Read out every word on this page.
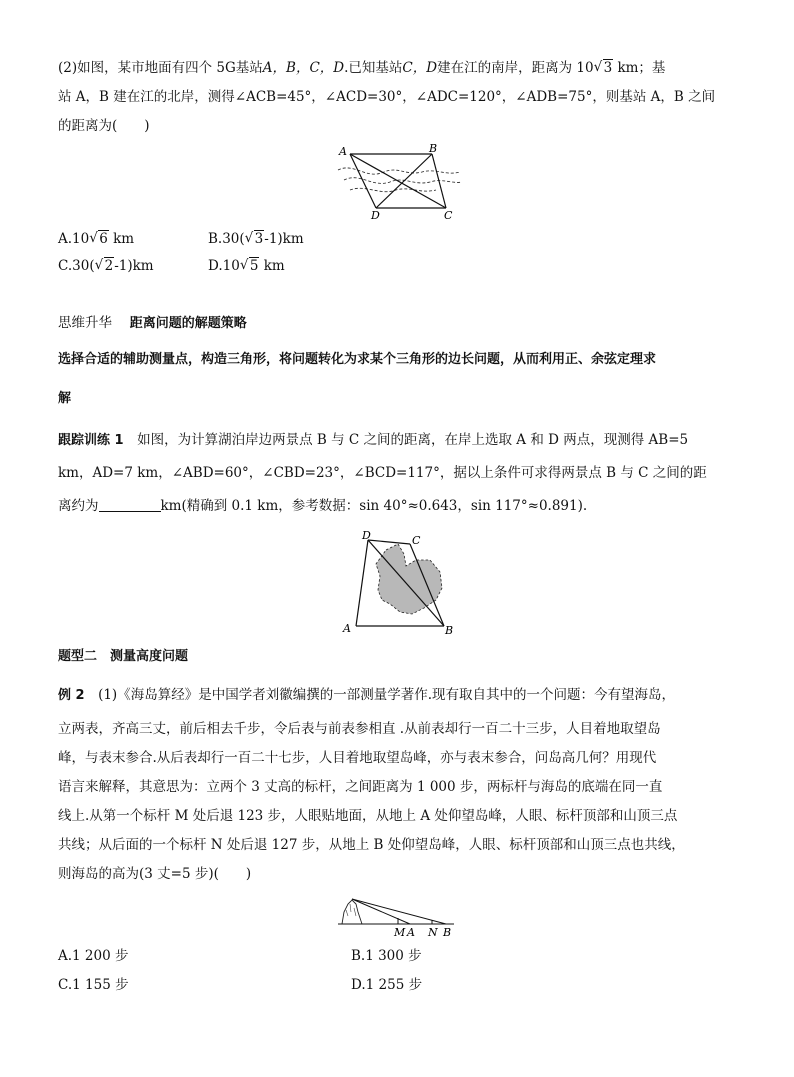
(2)如图，某市地面有四个 5G基站A，B，C，D.已知基站C，D建在江的南岸，距离为 10 √ 3 km；基
站 A，B 建在江的北岸，测得∠ACB=45°，∠ACD=30°，∠ADC=120°，∠ADB=75°，则基站 A，B 之间
的距离为(　　)
A	B
C
D
A.10 √ 6 km	B.30( √ 3-1)km
C.30( √ 2-1)km	D.10 √ 5 km
思维升华　 距离问题的解题策略
选择合适的辅助测量点，构造三角形，将问题转化为求某个三角形的边长问题，从而利用正、余弦定理求
解
跟踪训练 1　 如图，为计算湖泊岸边两景点 B 与 C 之间的距离，在岸上选取 A 和 D 两点，现测得 AB=5
km，AD=7 km，∠ABD=60°，∠CBD=23°，∠BCD=117°，据以上条件可求得两景点 B 与 C 之间的距
离约为	km(精确到 0.1 km，参考数据：sin 40°≈0.643，sin 117°≈0.891).
D	C
A	B
题型二　测量高度问题
例 2　 (1)《海岛算经》是中国学者刘徽编撰的一部测量学著作.现有取自其中的一个问题：今有望海岛，
立两表，齐高三丈，前后相去千步，令后表与前表参相直 .从前表却行一百二十三步，人目着地取望岛
峰，与表末参合.从后表却行一百二十七步，人目着地取望岛峰，亦与表末参合，问岛高几何？用现代
语言来解释，其意思为：立两个 3 丈高的标杆，之间距离为 1 000 步，两标杆与海岛的底端在同一直
线上.从第一个标杆 M 处后退 123 步，人眼贴地面，从地上 A 处仰望岛峰，人眼、标杆顶部和山顶三点
共线；从后面的一个标杆 N 处后退 127 步，从地上 B 处仰望岛峰，人眼、标杆顶部和山顶三点也共线，
则海岛的高为(3 丈=5 步)(　　)
M A N B
A.1 200 步	B.1 300 步
C.1 155 步	D.1 255 步
